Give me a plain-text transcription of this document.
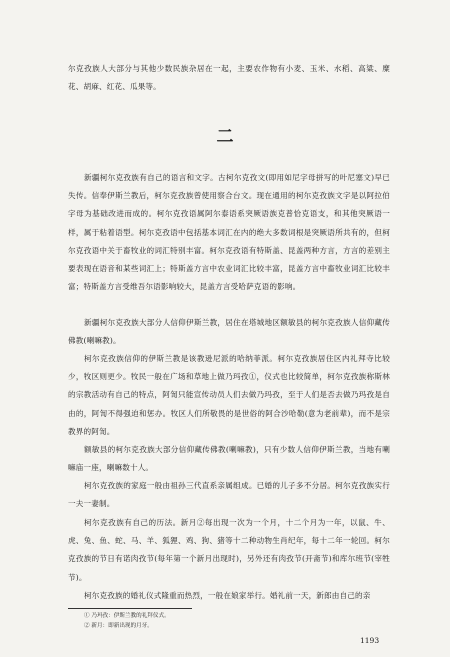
尔克孜族人大部分与其他少数民族杂居在一起，主要农作物有小麦、玉米、水稻、高粱、糜花、胡麻、红花、瓜果等。

二

新疆柯尔克孜族有自己的语言和文字。古柯尔克孜文(即用如尼字母拼写的叶尼塞文)早已失传。信奉伊斯兰教后，柯尔克孜族曾使用察合台文。现在通用的柯尔克孜族文字是以阿拉伯字母为基础改进而成的。柯尔克孜语属阿尔泰语系突厥语族克普恰克语支，和其他突厥语一样，属于粘着语型。柯尔克孜语中包括基本词汇在内的绝大多数词根是突厥语所共有的，但柯尔克孜语中关于畜牧业的词汇特别丰富。柯尔克孜语有特斯盖、昆盖两种方言，方言的差别主要表现在语音和某些词汇上；特斯盖方言中农业词汇比较丰富，昆盖方言中畜牧业词汇比较丰富；特斯盖方言受维吾尔语影响较大，昆盖方言受哈萨克语的影响。

新疆柯尔克孜族大部分人信仰伊斯兰教，居住在塔城地区额敏县的柯尔克孜族人信仰藏传佛教(喇嘛教)。

柯尔克孜族信仰的伊斯兰教是该教逊尼派的哈纳菲派。柯尔克孜族居住区内礼拜寺比较少，牧区则更少。牧民一般在广场和草地上做乃玛孜①，仪式也比较简单，柯尔克孜族称斯林的宗教活动有自己的特点，阿訇只能宣传动员人们去做乃玛孜，至于人们是否去做乃玛孜是自由的，阿訇不得强迫和惩办。牧区人们所敬畏的是世俗的阿合沙哈勒(意为老前辈)，而不是宗教界的阿訇。

额敏县的柯尔克孜族大部分信仰藏传佛教(喇嘛教)，只有少数人信仰伊斯兰教，当地有喇嘛庙一座，喇嘛数十人。

柯尔克孜族的家庭一般由祖孙三代直系亲属组成。已婚的儿子多不分居。柯尔克孜族实行一夫一妻制。

柯尔克孜族有自己的历法。新月②每出现一次为一个月，十二个月为一年，以鼠、牛、虎、兔、鱼、蛇、马、羊、狐狸、鸡、狗、猪等十二种动物生肖纪年，每十二年一轮回。柯尔克孜族的节日有诺肉孜节(每年第一个新月出现时)，另外还有肉孜节(开斋节)和库尔班节(宰牲节)。

柯尔克孜族的婚礼仪式隆重而热烈，一般在娘家举行。婚礼前一天，新郎由自己的亲

① 乃玛孜：伊斯兰教的礼拜仪式。

② 新月：即新出现的月牙。

1193
